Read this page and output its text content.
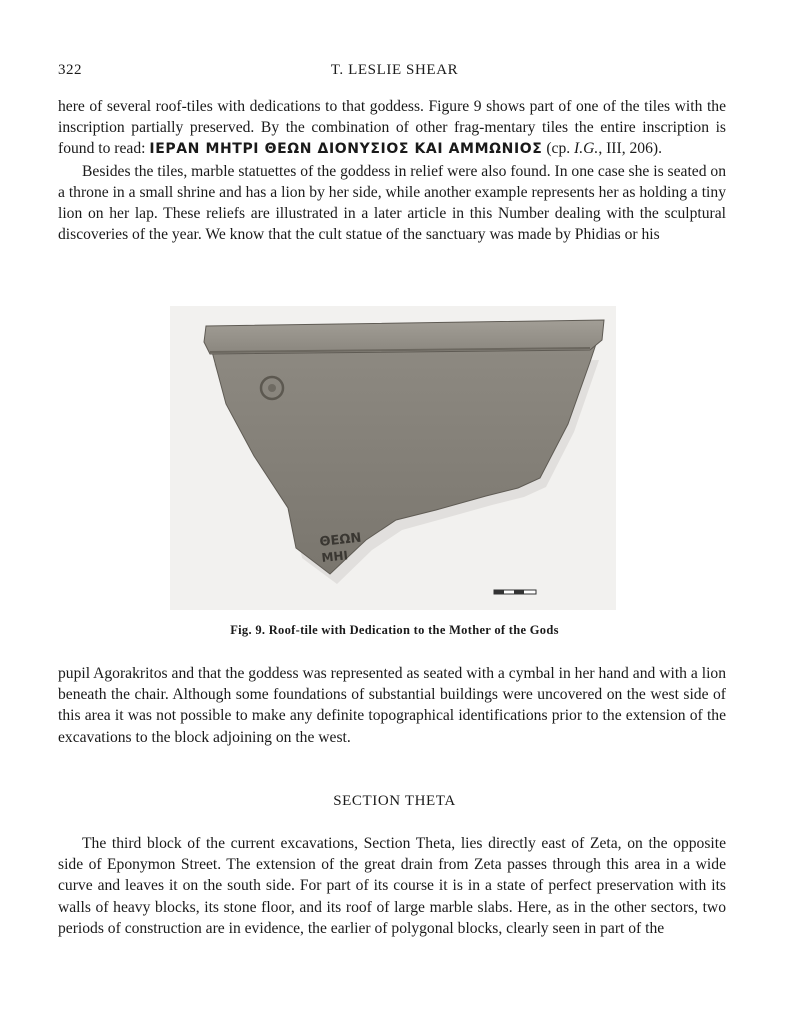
322	T. LESLIE SHEAR

here of several roof-tiles with dedications to that goddess. Figure 9 shows part of one of the tiles with the inscription partially preserved. By the combination of other frag-mentary tiles the entire inscription is found to read: ΙΕΡΑΝ ΜΗΤΡΙ ΘΕΩΝ ΔΙΟΝΥΣΙΟΣ ΚΑΙ ΑΜΜΩΝΙΟΣ (cp. I.G., III, 206).

Besides the tiles, marble statuettes of the goddess in relief were also found. In one case she is seated on a throne in a small shrine and has a lion by her side, while another example represents her as holding a tiny lion on her lap. These reliefs are illustrated in a later article in this Number dealing with the sculptural discoveries of the year. We know that the cult statue of the sanctuary was made by Phidias or his

ΘΕΩΝ
ΜΗΙ
Fig. 9. Roof-tile with Dedication to the Mother of the Gods

pupil Agorakritos and that the goddess was represented as seated with a cymbal in her hand and with a lion beneath the chair. Although some foundations of substantial buildings were uncovered on the west side of this area it was not possible to make any definite topographical identifications prior to the extension of the excavations to the block adjoining on the west.

SECTION THETA

The third block of the current excavations, Section Theta, lies directly east of Zeta, on the opposite side of Eponymon Street. The extension of the great drain from Zeta passes through this area in a wide curve and leaves it on the south side. For part of its course it is in a state of perfect preservation with its walls of heavy blocks, its stone floor, and its roof of large marble slabs. Here, as in the other sectors, two periods of construction are in evidence, the earlier of polygonal blocks, clearly seen in part of the
